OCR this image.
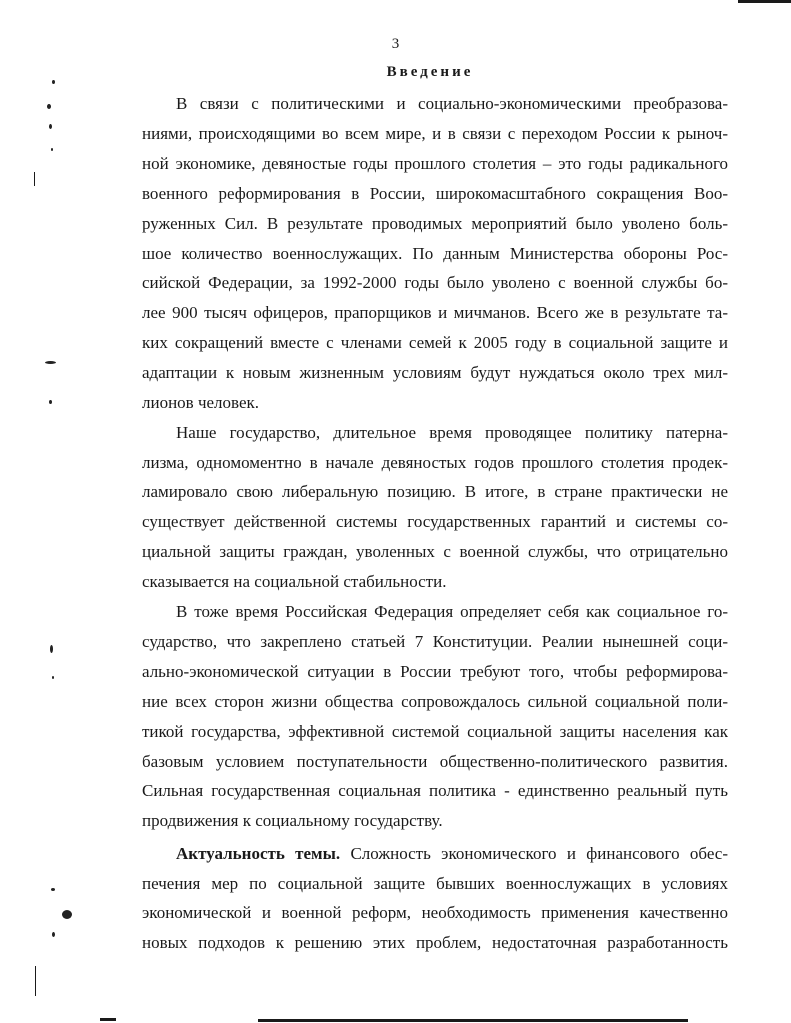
3
Введение
В связи с политическими и социально-экономическими преобразова-
ниями, происходящими во всем мире, и в связи с переходом России к рыноч-
ной экономике, девяностые годы прошлого столетия – это годы радикального
военного реформирования в России, широкомасштабного сокращения Воо-
руженных Сил. В результате проводимых мероприятий было уволено боль-
шое количество военнослужащих. По данным Министерства обороны Рос-
сийской Федерации, за 1992-2000 годы было уволено с военной службы бо-
лее 900 тысяч офицеров, прапорщиков и мичманов. Всего же в результате та-
ких сокращений вместе с членами семей к 2005 году в социальной защите и
адаптации к новым жизненным условиям будут нуждаться около трех мил-
лионов человек.
Наше государство, длительное время проводящее политику патерна-
лизма, одномоментно в начале девяностых годов прошлого столетия продек-
ламировало свою либеральную позицию. В итоге, в стране практически не
существует действенной системы государственных гарантий и системы со-
циальной защиты граждан, уволенных с военной службы, что отрицательно
сказывается на социальной стабильности.
В тоже время Российская Федерация определяет себя как социальное го-
сударство, что закреплено статьей 7 Конституции. Реалии нынешней соци-
ально-экономической ситуации в России требуют того, чтобы реформирова-
ние всех сторон жизни общества сопровождалось сильной социальной поли-
тикой государства, эффективной системой социальной защиты населения как
базовым условием поступательности общественно-политического развития.
Сильная государственная социальная политика - единственно реальный путь
продвижения к социальному государству.
Актуальность темы. Сложность экономического и финансового обес-
печения мер по социальной защите бывших военнослужащих в условиях
экономической и военной реформ, необходимость применения качественно
новых подходов к решению этих проблем, недостаточная разработанность
